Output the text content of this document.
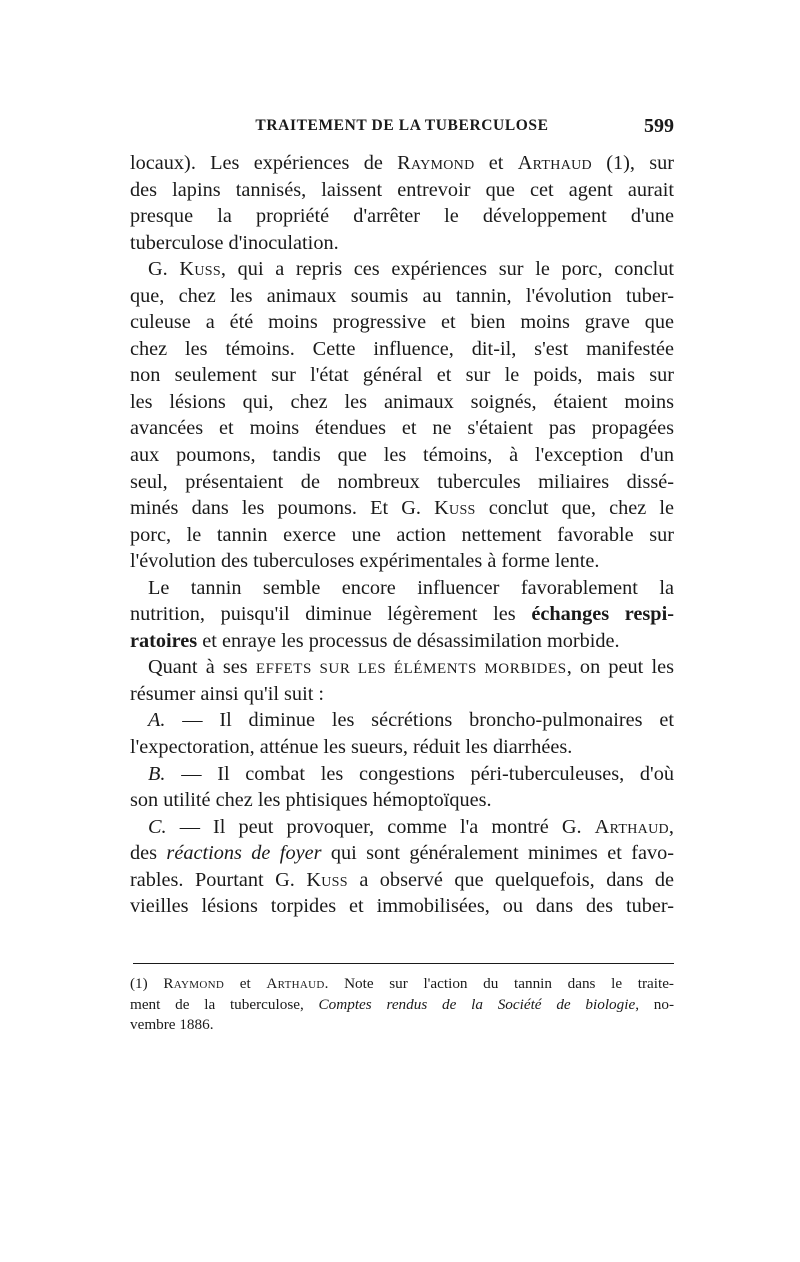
TRAITEMENT DE LA TUBERCULOSE	599
locaux). Les expériences de Raymond et Arthaud (1), sur
des lapins tannisés, laissent entrevoir que cet agent aurait
presque la propriété d'arrêter le développement d'une
tuberculose d'inoculation.
G. Kuss, qui a repris ces expériences sur le porc, conclut
que, chez les animaux soumis au tannin, l'évolution tuber-
culeuse a été moins progressive et bien moins grave que
chez les témoins. Cette influence, dit-il, s'est manifestée
non seulement sur l'état général et sur le poids, mais sur
les lésions qui, chez les animaux soignés, étaient moins
avancées et moins étendues et ne s'étaient pas propagées
aux poumons, tandis que les témoins, à l'exception d'un
seul, présentaient de nombreux tubercules miliaires dissé-
minés dans les poumons. Et G. Kuss conclut que, chez le
porc, le tannin exerce une action nettement favorable sur
l'évolution des tuberculoses expérimentales à forme lente.
Le tannin semble encore influencer favorablement la
nutrition, puisqu'il diminue légèrement les échanges respi-
ratoires et enraye les processus de désassimilation morbide.
Quant à ses EFFETS SUR LES ÉLÉMENTS MORBIDES, on peut les
résumer ainsi qu'il suit :
A. — Il diminue les sécrétions broncho-pulmonaires et
l'expectoration, atténue les sueurs, réduit les diarrhées.
B. — Il combat les congestions péri-tuberculeuses, d'où
son utilité chez les phtisiques hémoptoïques.
C. — Il peut provoquer, comme l'a montré G. Arthaud,
des réactions de foyer qui sont généralement minimes et favo-
rables. Pourtant G. Kuss a observé que quelquefois, dans de
vieilles lésions torpides et immobilisées, ou dans des tuber-
(1) Raymond et Arthaud. Note sur l'action du tannin dans le traite-
ment de la tuberculose, Comptes rendus de la Société de biologie, no-
vembre 1886.
